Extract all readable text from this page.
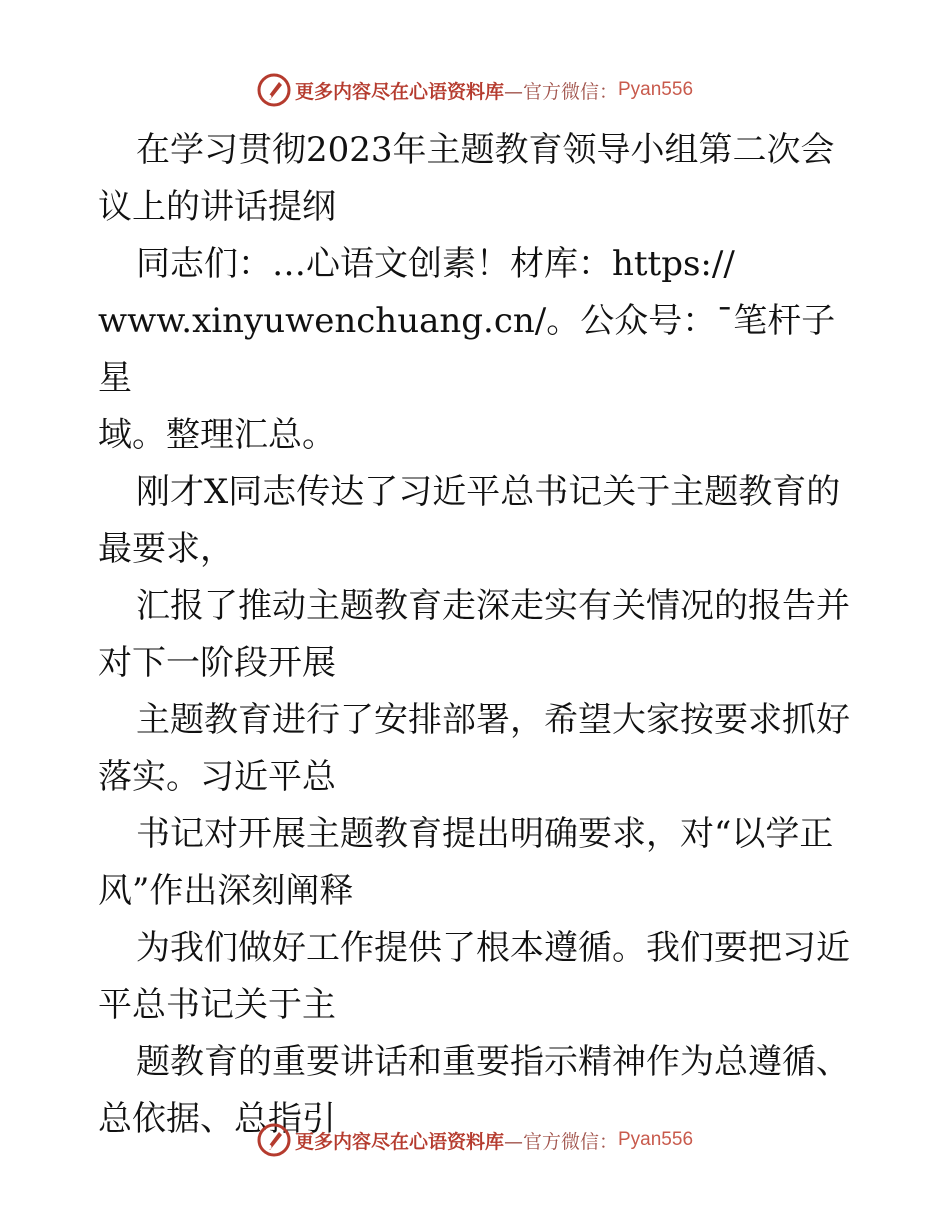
更多内容尽在心语资料库 —官方微信： Pyan556

在学习贯彻2023年主题教育领导小组第二次会

议上的讲话提纲

同志们：…心语文创素！材库：https://

www.xinyuwenchuang.cn/。公众号：¯笔杆子星

域。整理汇总。

刚才X同志传达了习近平总书记关于主题教育的

最要求，

汇报了推动主题教育走深走实有关情况的报告并

对下一阶段开展

主题教育进行了安排部署，希望大家按要求抓好

落实。习近平总

书记对开展主题教育提出明确要求，对“以学正

风”作出深刻阐释

为我们做好工作提供了根本遵循。我们要把习近

平总书记关于主

题教育的重要讲话和重要指示精神作为总遵循、

总依据、总指引

更多内容尽在心语资料库 —官方微信： Pyan556
